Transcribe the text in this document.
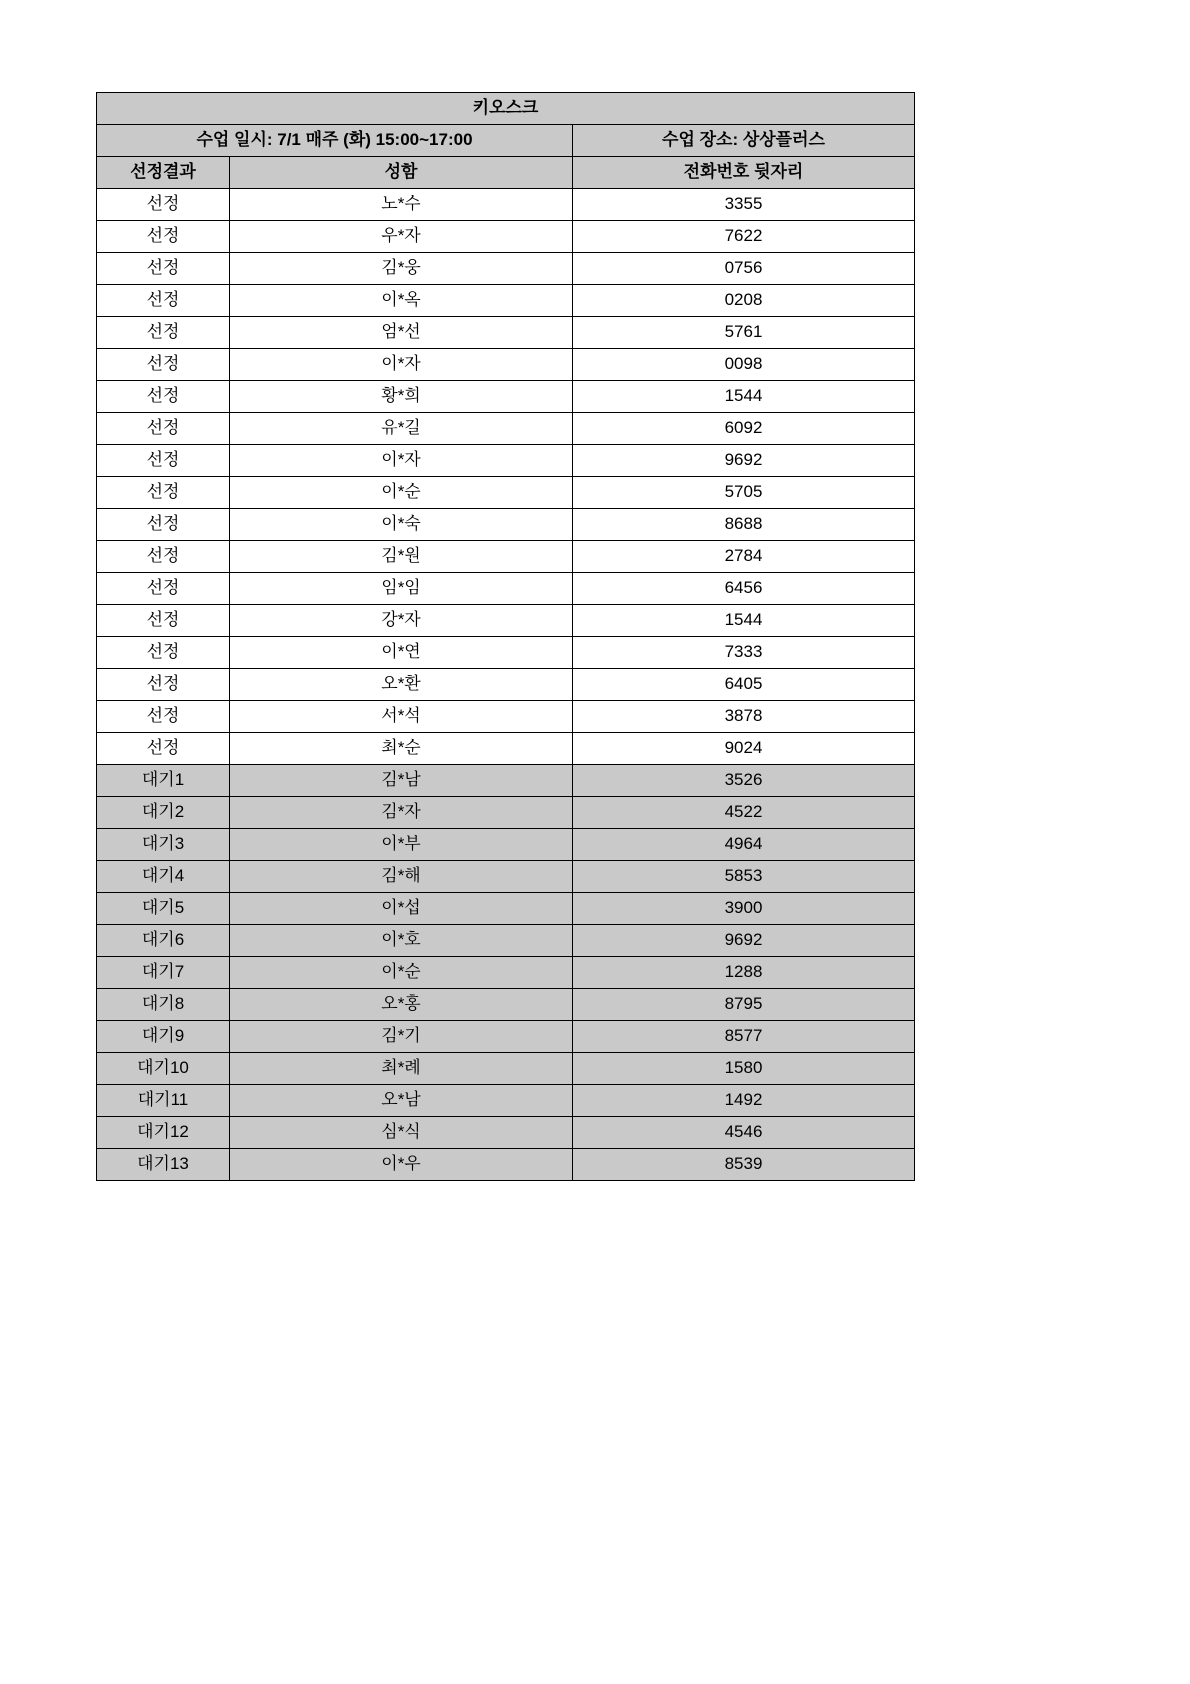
키오스크		
수업 일시: 7/1 매주 (화) 15:00~17:00		수업 장소: 상상플러스
선정결과	성함	전화번호 뒷자리
선정	노*수	3355
선정	우*자	7622
선정	김*웅	0756
선정	이*옥	0208
선정	엄*선	5761
선정	이*자	0098
선정	황*희	1544
선정	유*길	6092
선정	이*자	9692
선정	이*순	5705
선정	이*숙	8688
선정	김*원	2784
선정	임*임	6456
선정	강*자	1544
선정	이*연	7333
선정	오*환	6405
선정	서*석	3878
선정	최*순	9024
대기1	김*남	3526
대기2	김*자	4522
대기3	이*부	4964
대기4	김*해	5853
대기5	이*섭	3900
대기6	이*호	9692
대기7	이*순	1288
대기8	오*홍	8795
대기9	김*기	8577
대기10	최*례	1580
대기11	오*남	1492
대기12	심*식	4546
대기13	이*우	8539
